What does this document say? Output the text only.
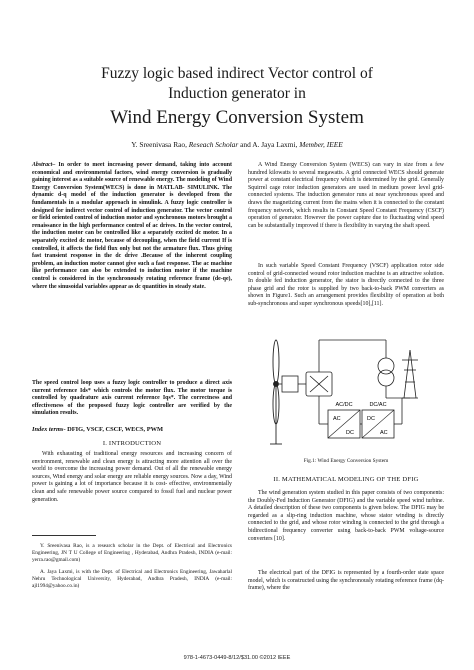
Fuzzy logic based indirect Vector control of
Induction generator in
Wind Energy Conversion System
Y. Sreenivasa Rao, Reseach Scholar and A. Jaya Laxmi, Member, IEEE
Abstract– In order to meet increasing power demand, taking into account economical and environmental factors, wind energy conversion is gradually gaining interest as a suitable source of renewable energy. The modeling of Wind Energy Conversion System(WECS) is done in MATLAB- SIMULINK. The dynamic d-q model of the induction generator is developed from the fundamentals in a modular approach in simulink. A fuzzy logic controller is designed for indirect vector control of induction generator. The vector control or field oriented control of induction motor and synchronous motors brought a renaissance in the high performance control of ac drives. In the vector control, the induction motor can be controlled like a separately excited dc motor. In a separately excited dc motor, because of decoupling, when the field current If is controlled, it affects the field flux only but not the armature flux. Thus giving fast transient response in the dc drive .Because of the inherent coupling problem, an induction motor cannot give such a fast response. The ac machine like performance can also be extended to induction motor if the machine control is considered in the synchronously rotating reference frame (de-qe), where the sinusoidal variables appear as dc quantities in steady state.
The speed control loop uses a fuzzy logic controller to produce a direct axis current reference Ids* which controls the motor flux. The motor torque is controlled by quadrature axis current reference Iqs*. The correctness and effectiveness of the proposed fuzzy logic controller are verified by the simulation results.
Index terms- DFIG, VSCF, CSCF, WECS, PWM
I. INTRODUCTION
With exhausting of traditional energy resources and increasing concern of environment, renewable and clean energy is attracting more attention all over the world to overcome the increasing power demand. Out of all the renewable energy sources, Wind energy and solar energy are reliable energy sources. Now a day, Wind power is gaining a lot of importance because it is cost- effective, environmentally clean and safe renewable power source compared to fossil fuel and nuclear power generation.
Y. Sreenivasa Rao, is a research scholar in the Dept. of Electrical and Electronics Engineering, JN T U College of Engineering , Hyderabad, Andhra Pradesh, INDIA (e-mail: yerra.rao@gmail.com)
A. Jaya Laxmi, is with the Dept. of Electrical and Electronics Engineering, Jawaharlal Nehru Technological University, Hyderabad, Andhra Pradesh, INDIA (e-mail: ajl1994@yahoo.co.in)
A Wind Energy Conversion System (WECS) can vary in size from a few hundred kilowatts to several megawatts. A grid connected WECS should generate power at constant electrical frequency which is determined by the grid. Generally Squirrel cage rotor induction generators are used in medium power level grid-connected systems. The induction generator runs at near synchronous speed and draws the magnetizing current from the mains when it is connected to the constant frequency network, which results in Constant Speed Constant Frequency (CSCF) operation of generator. However the power capture due to fluctuating wind speed can be substantially improved if there is flexibility in varying the shaft speed.
In such variable Speed Constant Frequency (VSCF) application rotor side control of grid-connected wound rotor induction machine is an attractive solution. In double fed induction generator, the stator is directly connected to the three phase grid and the rotor is supplied by two back-to-back PWM converters as shown in Figure1. Such an arrangement provides flexibility of operation at both sub-synchronous and super synchronous speeds[10],[11].
AC/DC
AC
DC
DC/AC
DC
AC
Fig.1: Wind Energy Conversion System
II. MATHEMATICAL MODELING OF THE DFIG
The wind generation system studied in this paper consists of two components: the Doubly-Fed Induction Generator (DFIG) and the variable speed wind turbine. A detailed description of these two components is given below. The DFIG may be regarded as a slip-ring induction machine, whose stator winding is directly connected to the grid, and whose rotor winding is connected to the grid through a bidirectional frequency converter using back-to-back PWM voltage-source converters [10].
The electrical part of the DFIG is represented by a fourth-order state space model, which is constructed using the synchronously rotating reference frame (dq-frame), where the
978-1-4673-0449-8/12/$31.00 ©2012 IEEE
